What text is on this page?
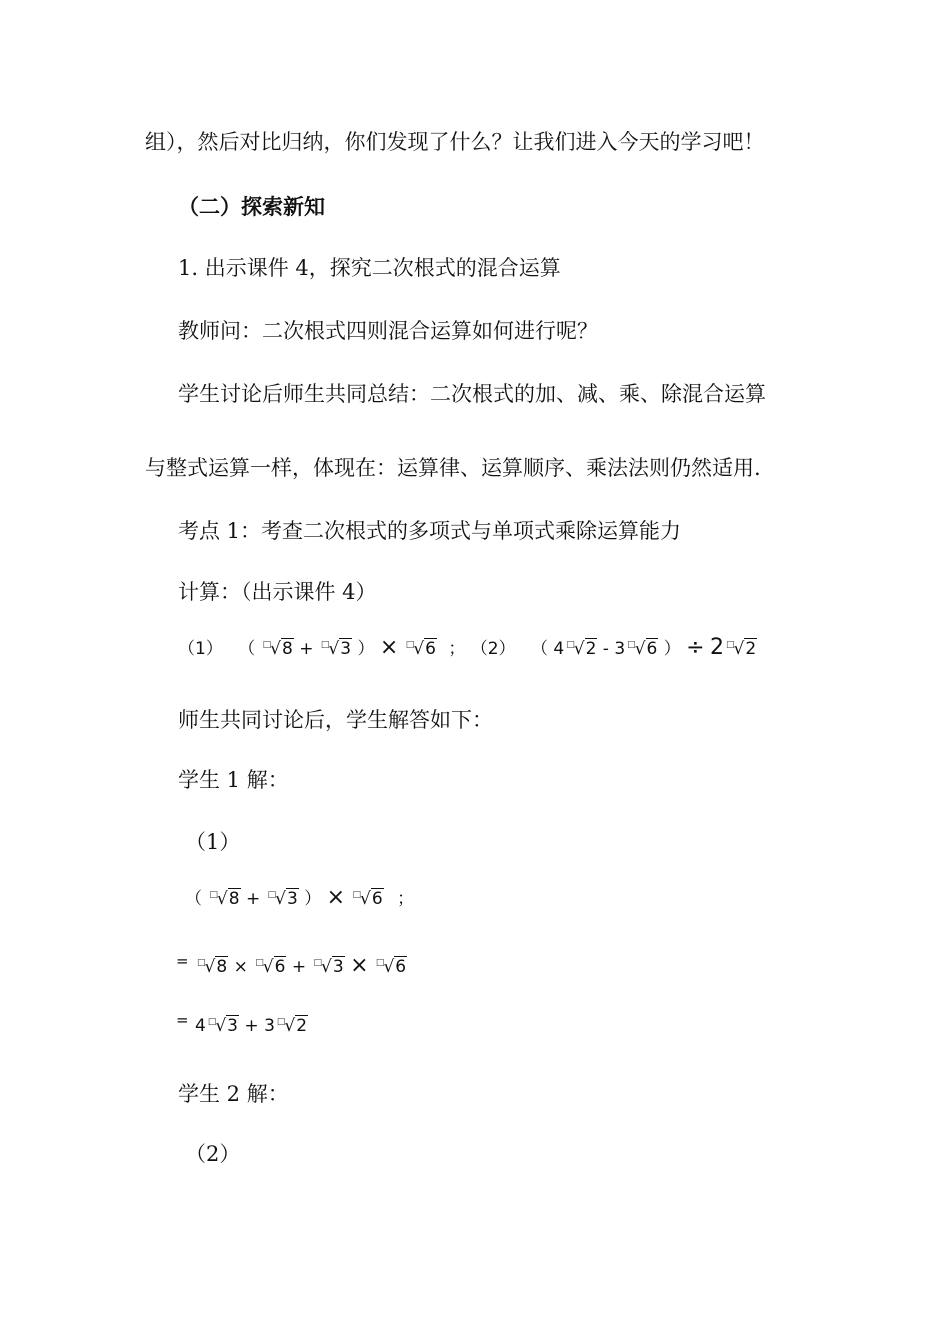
组），然后对比归纳，你们发现了什么？让我们进入今天的学习吧！
（二）探索新知
1. 出示课件 4，探究二次根式的混合运算
教师问：二次根式四则混合运算如何进行呢？
学生讨论后师生共同总结：二次根式的加、减、乘、除混合运算
与整式运算一样，体现在：运算律、运算顺序、乘法法则仍然适用.
考点 1：考查二次根式的多项式与单项式乘除运算能力
计算：（出示课件 4）
（1） （ □√8 + □√3 ） × □√6 ； （2） （ 4 □√2 - 3 □√6 ） ÷ 2 □√2
师生共同讨论后，学生解答如下：
学生 1 解：
（1）
（ □√8 + □√3 ） × □√6 ；
= □√8 × □√6 + □√3 × □√6
= 4 □√3 + 3 □√2
学生 2 解：
（2）
